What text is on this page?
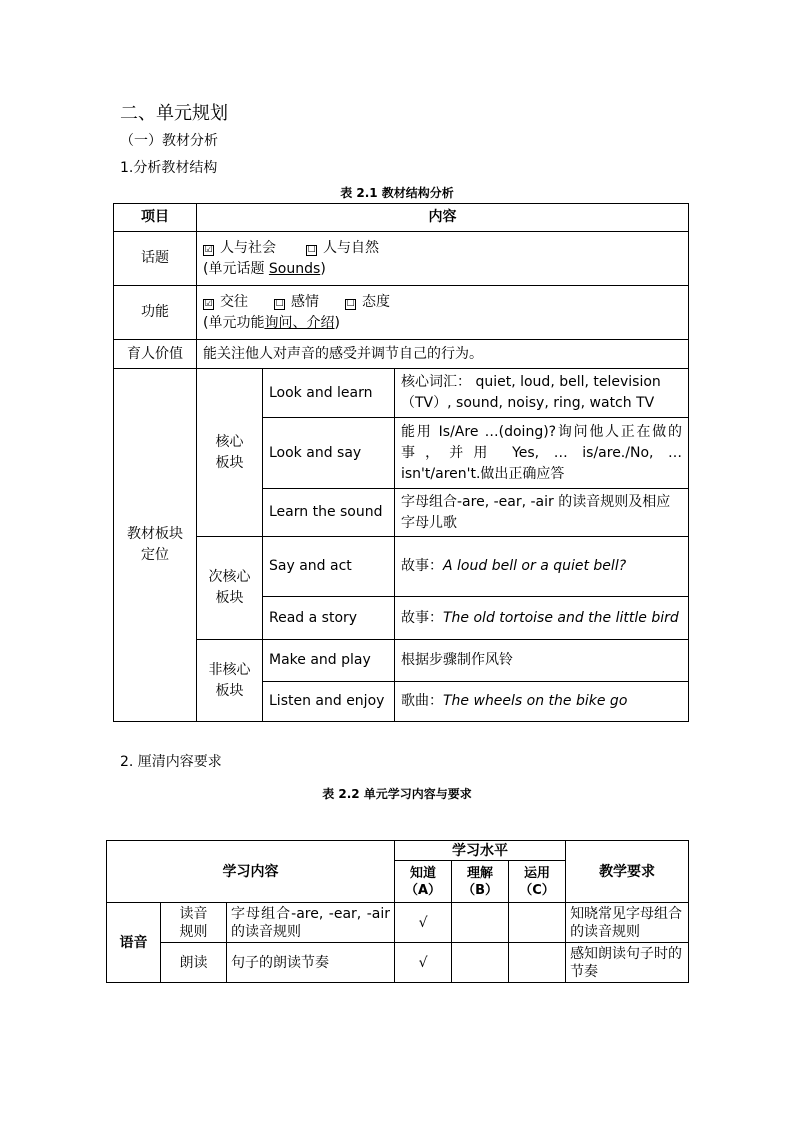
二、单元规划
（一）教材分析
1.分析教材结构
表 2.1 教材结构分析
项目	内容		
话题	☑ 人与社会 ☐ 人与自然
(单元话题 Sounds)		
功能	☑ 交往 ☐ 感情 ☐ 态度
(单元功能询问、介绍)		
育人价值	能关注他人对声音的感受并调节自己的行为。		
教材板块定位	核心板块	Look and learn	核心词汇： quiet, loud, bell, television（TV）, sound, noisy, ring, watch TV
		Look and say	能用 Is/Are …(doing)?询问他人正在做的事，并用 Yes, … is/are./No, … isn't/aren't.做出正确应答
		Learn the sound	字母组合-are, -ear, -air 的读音规则及相应字母儿歌
	次核心板块	Say and act	故事：A loud bell or a quiet bell?
		Read a story	故事：The old tortoise and the little bird
	非核心板块	Make and play	根据步骤制作风铃
		Listen and enjoy	歌曲：The wheels on the bike go
2. 厘清内容要求
表 2.2 单元学习内容与要求
学习内容			学习水平			教学要求
			知道（A）	理解（B）	运用（C）	
语音	读音规则	字母组合-are, -ear, -air 的读音规则	√			知晓常见字母组合的读音规则
	朗读	句子的朗读节奏	√			感知朗读句子时的节奏
